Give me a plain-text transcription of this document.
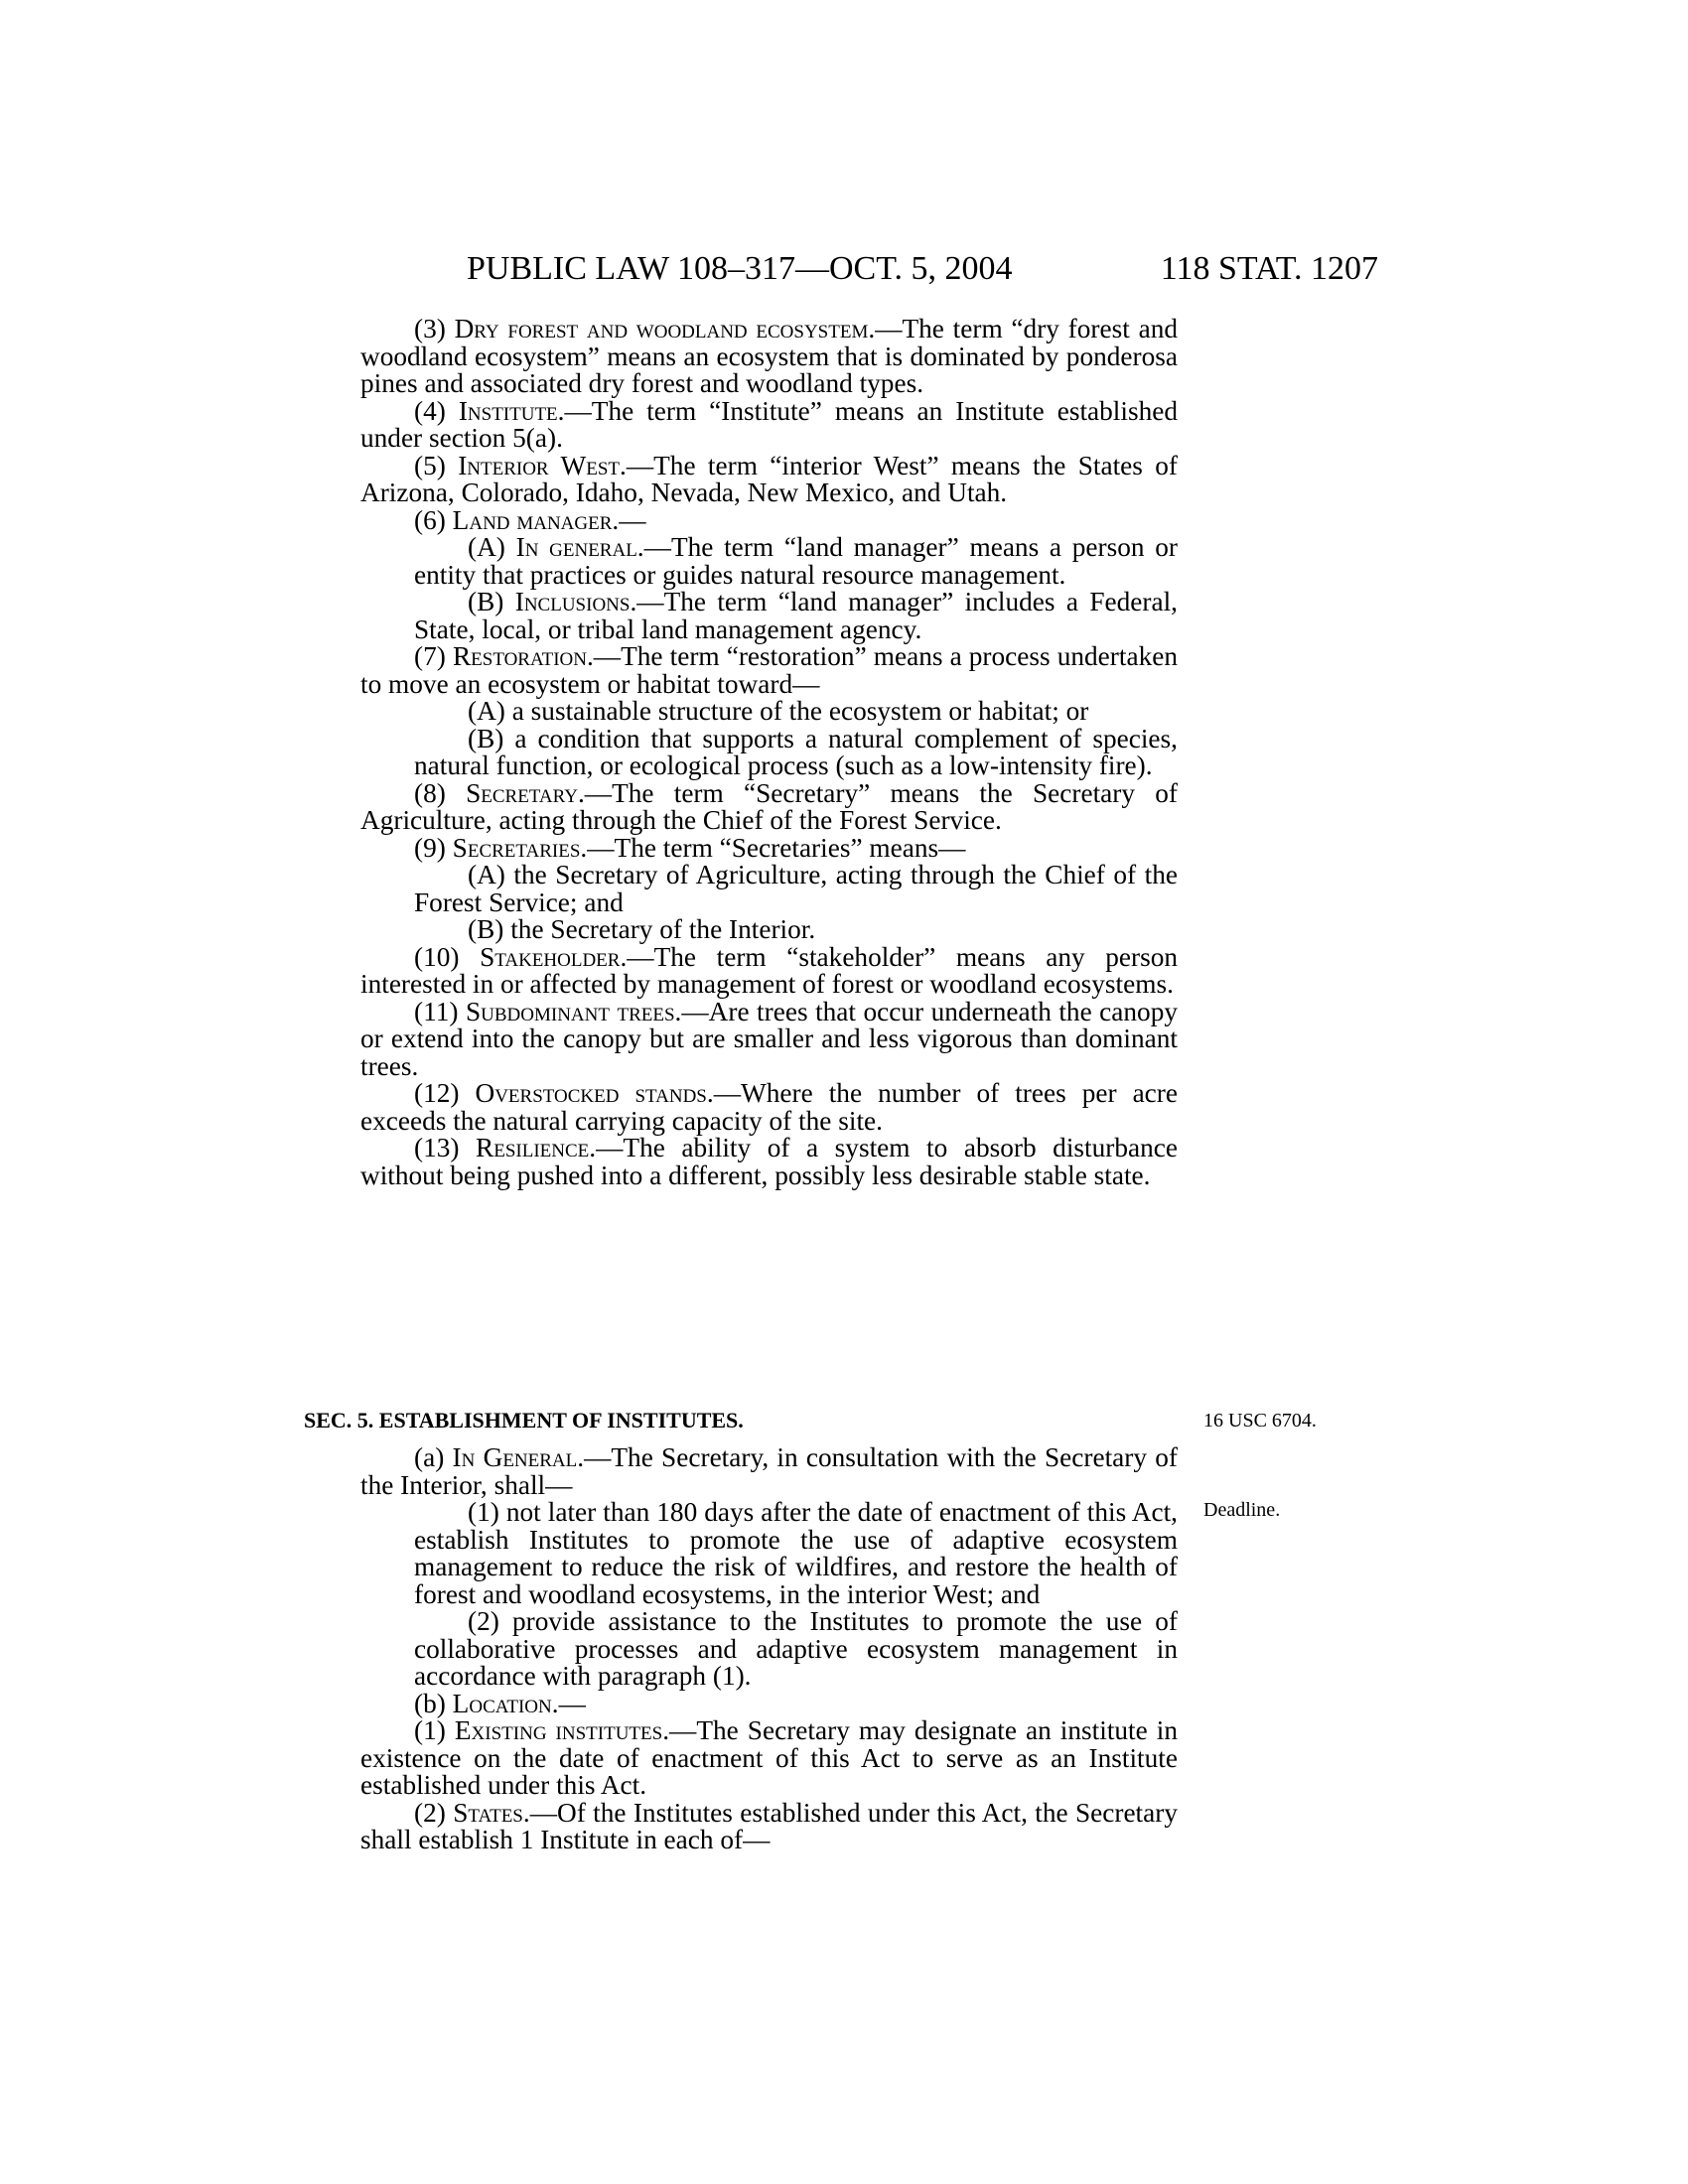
PUBLIC LAW 108–317—OCT. 5, 2004	118 STAT. 1207

(3) Dry forest and woodland ecosystem.—The term “dry forest and woodland ecosystem” means an ecosystem that is dominated by ponderosa pines and associated dry forest and woodland types.

(4) Institute.—The term “Institute” means an Institute established under section 5(a).

(5) Interior West.—The term “interior West” means the States of Arizona, Colorado, Idaho, Nevada, New Mexico, and Utah.

(6) Land manager.—

(A) In general.—The term “land manager” means a person or entity that practices or guides natural resource management.

(B) Inclusions.—The term “land manager” includes a Federal, State, local, or tribal land management agency.

(7) Restoration.—The term “restoration” means a process undertaken to move an ecosystem or habitat toward—

(A) a sustainable structure of the ecosystem or habitat; or

(B) a condition that supports a natural complement of species, natural function, or ecological process (such as a low-intensity fire).

(8) Secretary.—The term “Secretary” means the Secretary of Agriculture, acting through the Chief of the Forest Service.

(9) Secretaries.—The term “Secretaries” means—

(A) the Secretary of Agriculture, acting through the Chief of the Forest Service; and

(B) the Secretary of the Interior.

(10) Stakeholder.—The term “stakeholder” means any person interested in or affected by management of forest or woodland ecosystems.

(11) Subdominant trees.—Are trees that occur underneath the canopy or extend into the canopy but are smaller and less vigorous than dominant trees.

(12) Overstocked stands.—Where the number of trees per acre exceeds the natural carrying capacity of the site.

(13) Resilience.—The ability of a system to absorb disturbance without being pushed into a different, possibly less desirable stable state.

SEC. 5. ESTABLISHMENT OF INSTITUTES.	16 USC 6704.
Deadline.

(a) In General.—The Secretary, in consultation with the Secretary of the Interior, shall—

(1) not later than 180 days after the date of enactment of this Act, establish Institutes to promote the use of adaptive ecosystem management to reduce the risk of wildfires, and restore the health of forest and woodland ecosystems, in the interior West; and

(2) provide assistance to the Institutes to promote the use of collaborative processes and adaptive ecosystem management in accordance with paragraph (1).

(b) Location.—

(1) Existing institutes.—The Secretary may designate an institute in existence on the date of enactment of this Act to serve as an Institute established under this Act.

(2) States.—Of the Institutes established under this Act, the Secretary shall establish 1 Institute in each of—
